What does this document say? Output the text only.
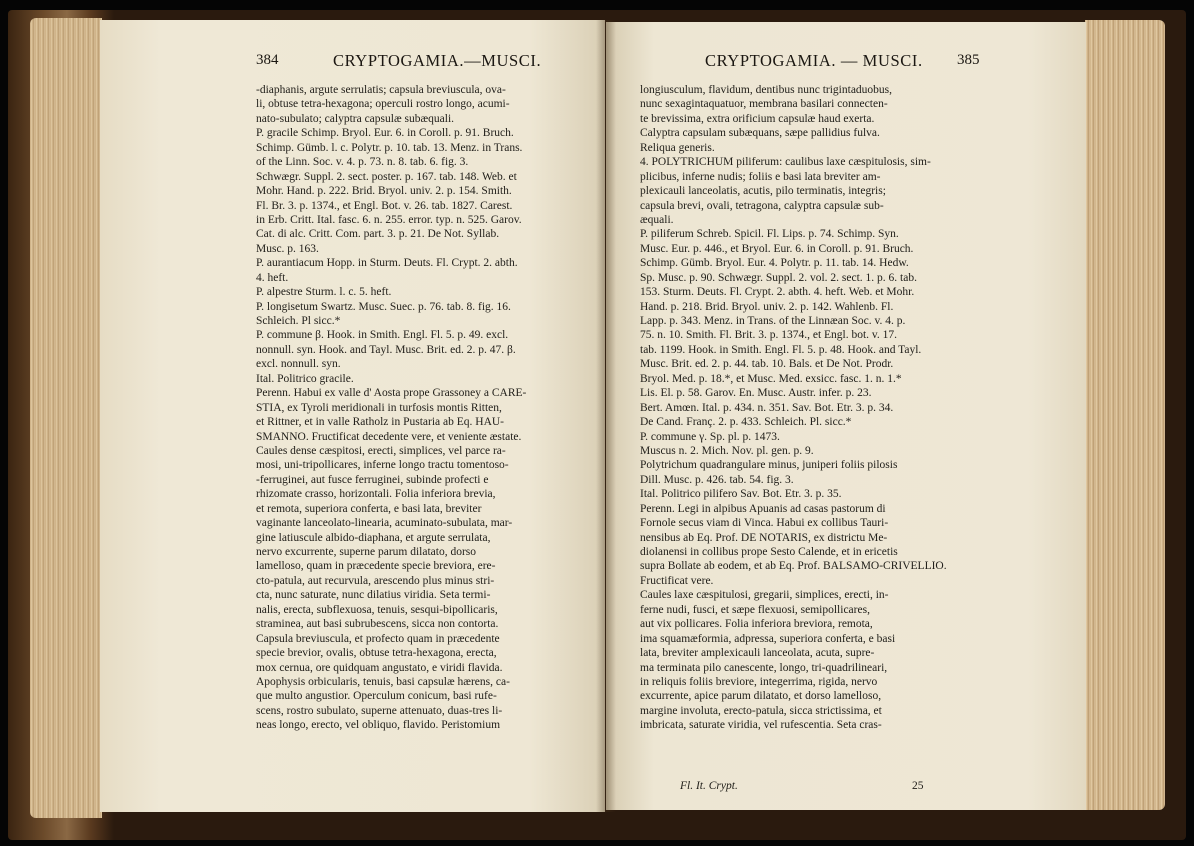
384	CRYPTOGAMIA.—MUSCI.	CRYPTOGAMIA. — MUSCI. 385
-diaphanis, argute serrulatis; capsula breviuscula, ova-
li, obtuse tetra-hexagona; operculi rostro longo, acumi-
nato-subulato; calyptra capsulæ subæquali.
P. gracile Schimp. Bryol. Eur. 6. in Coroll. p. 91. Bruch.
Schimp. Gümb. l. c. Polytr. p. 10. tab. 13. Menz. in Trans.
of the Linn. Soc. v. 4. p. 73. n. 8. tab. 6. fig. 3.
Schwægr. Suppl. 2. sect. poster. p. 167. tab. 148. Web. et
Mohr. Hand. p. 222. Brid. Bryol. univ. 2. p. 154. Smith.
Fl. Br. 3. p. 1374., et Engl. Bot. v. 26. tab. 1827. Carest.
in Erb. Critt. Ital. fasc. 6. n. 255. error. typ. n. 525. Garov.
Cat. di alc. Critt. Com. part. 3. p. 21. De Not. Syllab.
Musc. p. 163.
P. aurantiacum Hopp. in Sturm. Deuts. Fl. Crypt. 2. abth.
4. heft.
P. alpestre Sturm. l. c. 5. heft.
P. longisetum Swartz. Musc. Suec. p. 76. tab. 8. fig. 16.
Schleich. Pl sicc.*
P. commune β. Hook. in Smith. Engl. Fl. 5. p. 49. excl.
nonnull. syn. Hook. and Tayl. Musc. Brit. ed. 2. p. 47. β.
excl. nonnull. syn.
Ital. Politrico gracile.
Perenn. Habui ex valle d' Aosta prope Grassoney a CARE-
STIA, ex Tyroli meridionali in turfosis montis Ritten,
et Rittner, et in valle Ratholz in Pustaria ab Eq. HAU-
SMANNO. Fructificat decedente vere, et veniente æstate.
Caules dense cæspitosi, erecti, simplices, vel parce ra-
mosi, uni-tripollicares, inferne longo tractu tomentoso-
-ferruginei, aut fusce ferruginei, subinde profecti e
rhizomate crasso, horizontali. Folia inferiora brevia,
et remota, superiora conferta, e basi lata, breviter
vaginante lanceolato-linearia, acuminato-subulata, mar-
gine latiuscule albido-diaphana, et argute serrulata,
nervo excurrente, superne parum dilatato, dorso
lamelloso, quam in præcedente specie breviora, ere-
cto-patula, aut recurvula, arescendo plus minus stri-
cta, nunc saturate, nunc dilatius viridia. Seta termi-
nalis, erecta, subflexuosa, tenuis, sesqui-bipollicaris,
straminea, aut basi subrubescens, sicca non contorta.
Capsula breviuscula, et profecto quam in præcedente
specie brevior, ovalis, obtuse tetra-hexagona, erecta,
mox cernua, ore quidquam angustato, e viridi flavida.
Apophysis orbicularis, tenuis, basi capsulæ hærens, ca-
que multo angustior. Operculum conicum, basi rufe-
scens, rostro subulato, superne attenuato, duas-tres li-
neas longo, erecto, vel obliquo, flavido. Peristomium
longiusculum, flavidum, dentibus nunc trigintaduobus,
nunc sexagintaquatuor, membrana basilari connecten-
te brevissima, extra orificium capsulæ haud exerta.
Calyptra capsulam subæquans, sæpe pallidius fulva.
Reliqua generis.
4. POLYTRICHUM piliferum: caulibus laxe cæspitulosis, sim-
plicibus, inferne nudis; foliis e basi lata breviter am-
plexicauli lanceolatis, acutis, pilo terminatis, integris;
capsula brevi, ovali, tetragona, calyptra capsulæ sub-
æquali.
P. piliferum Schreb. Spicil. Fl. Lips. p. 74. Schimp. Syn.
Musc. Eur. p. 446., et Bryol. Eur. 6. in Coroll. p. 91. Bruch.
Schimp. Gümb. Bryol. Eur. 4. Polytr. p. 11. tab. 14. Hedw.
Sp. Musc. p. 90. Schwægr. Suppl. 2. vol. 2. sect. 1. p. 6. tab.
153. Sturm. Deuts. Fl. Crypt. 2. abth. 4. heft. Web. et Mohr.
Hand. p. 218. Brid. Bryol. univ. 2. p. 142. Wahlenb. Fl.
Lapp. p. 343. Menz. in Trans. of the Linnæan Soc. v. 4. p.
75. n. 10. Smith. Fl. Brit. 3. p. 1374., et Engl. bot. v. 17.
tab. 1199. Hook. in Smith. Engl. Fl. 5. p. 48. Hook. and Tayl.
Musc. Brit. ed. 2. p. 44. tab. 10. Bals. et De Not. Prodr.
Bryol. Med. p. 18.*, et Musc. Med. exsicc. fasc. 1. n. 1.*
Lis. El. p. 58. Garov. En. Musc. Austr. infer. p. 23.
Bert. Amœn. Ital. p. 434. n. 351. Sav. Bot. Etr. 3. p. 34.
De Cand. Franç. 2. p. 433. Schleich. Pl. sicc.*
P. commune γ. Sp. pl. p. 1473.
Muscus n. 2. Mich. Nov. pl. gen. p. 9.
Polytrichum quadrangulare minus, juniperi foliis pilosis
Dill. Musc. p. 426. tab. 54. fig. 3.
Ital. Politrico pilifero Sav. Bot. Etr. 3. p. 35.
Perenn. Legi in alpibus Apuanis ad casas pastorum di
Fornole secus viam di Vinca. Habui ex collibus Tauri-
nensibus ab Eq. Prof. DE NOTARIS, ex districtu Me-
diolanensi in collibus prope Sesto Calende, et in ericetis
supra Bollate ab eodem, et ab Eq. Prof. BALSAMO-CRIVELLIO.
Fructificat vere.
Caules laxe cæspitulosi, gregarii, simplices, erecti, in-
ferne nudi, fusci, et sæpe flexuosi, semipollicares,
aut vix pollicares. Folia inferiora breviora, remota,
ima squamæformia, adpressa, superiora conferta, e basi
lata, breviter amplexicauli lanceolata, acuta, supre-
ma terminata pilo canescente, longo, tri-quadrilineari,
in reliquis foliis breviore, integerrima, rigida, nervo
excurrente, apice parum dilatato, et dorso lamelloso,
margine involuta, erecto-patula, sicca strictissima, et
imbricata, saturate viridia, vel rufescentia. Seta cras-
Fl. It. Crypt.	25
